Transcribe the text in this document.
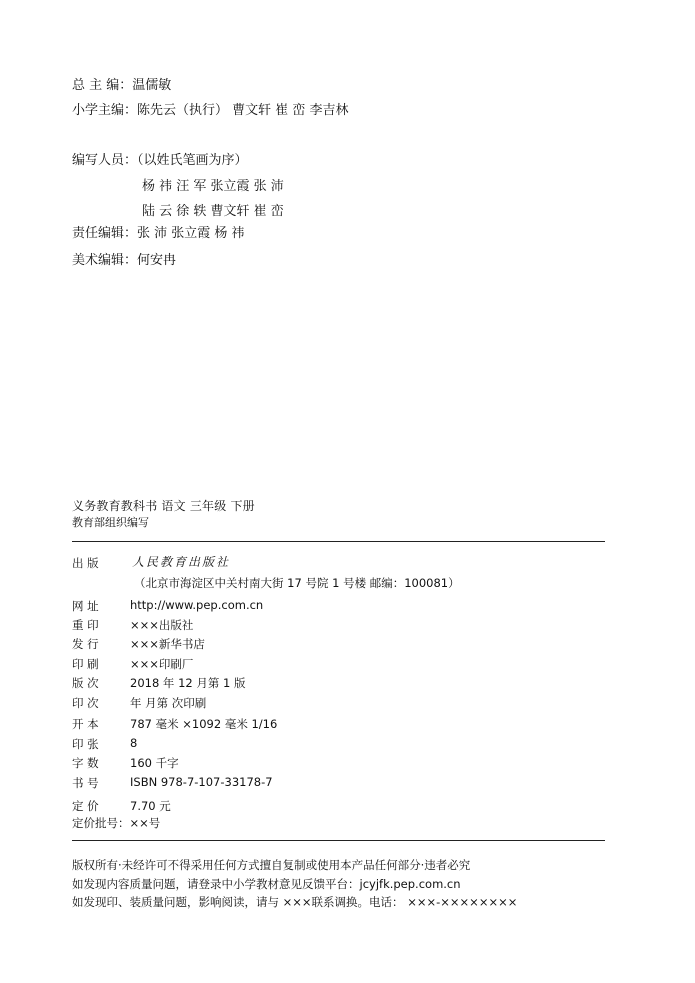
总 主 编：温儒敏
小学主编：陈先云（执行） 曹文轩 崔 峦 李吉林
编写人员：（以姓氏笔画为序）
杨 祎 汪 军 张立霞 张 沛
陆 云 徐 轶 曹文轩 崔 峦
责任编辑：张 沛 张立霞 杨 祎
美术编辑：何安冉
义务教育教科书 语文 三年级 下册
教育部组织编写
出 版	人民教育出版社
（北京市海淀区中关村南大街 17 号院 1 号楼 邮编：100081）
网 址	http://www.pep.com.cn
重 印	×××出版社
发 行	×××新华书店
印 刷	×××印刷厂
版 次	2018 年 12 月第 1 版
印 次	年 月第 次印刷
开 本	787 毫米 ×1092 毫米 1/16
印 张	8
字 数	160 千字
书 号	ISBN 978-7-107-33178-7
定 价	7.70 元
定价批号：××号
版权所有·未经许可不得采用任何方式擅自复制或使用本产品任何部分·违者必究
如发现内容质量问题，请登录中小学教材意见反馈平台：jcyjfk.pep.com.cn
如发现印、装质量问题，影响阅读，请与 ×××联系调换。电话： ×××-××××××××
